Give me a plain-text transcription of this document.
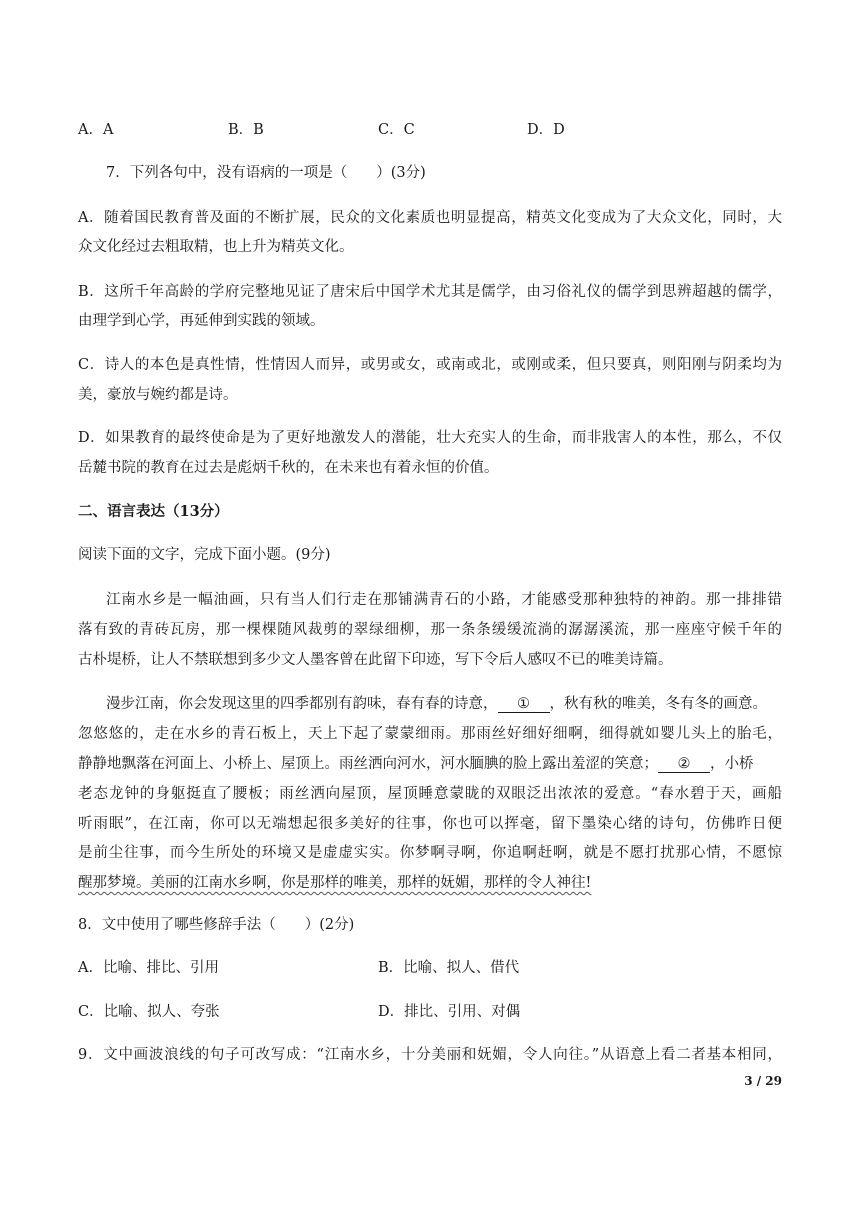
A．A	B．B	C．C	D．D
7．下列各句中，没有语病的一项是（　　）(3分)
A．随着国民教育普及面的不断扩展，民众的文化素质也明显提高，精英文化变成为了大众文化，同时，大
众文化经过去粗取精，也上升为精英文化。
B．这所千年高龄的学府完整地见证了唐宋后中国学术尤其是儒学，由习俗礼仪的儒学到思辨超越的儒学，
由理学到心学，再延伸到实践的领域。
C．诗人的本色是真性情，性情因人而异，或男或女，或南或北，或刚或柔，但只要真，则阳刚与阴柔均为
美，豪放与婉约都是诗。
D．如果教育的最终使命是为了更好地激发人的潜能，壮大充实人的生命，而非戕害人的本性，那么，不仅
岳麓书院的教育在过去是彪炳千秋的，在未来也有着永恒的价值。
二、语言表达（13分）
阅读下面的文字，完成下面小题。(9分)
江南水乡是一幅油画，只有当人们行走在那铺满青石的小路，才能感受那种独特的神韵。那一排排错
落有致的青砖瓦房，那一棵棵随风裁剪的翠绿细柳，那一条条缓缓流淌的潺潺溪流，那一座座守候千年的
古朴堤桥，让人不禁联想到多少文人墨客曾在此留下印迹，写下令后人感叹不已的唯美诗篇。
漫步江南，你会发现这里的四季都别有韵味，春有春的诗意， ① ，秋有秋的唯美，冬有冬的画意。
忽悠悠的，走在水乡的青石板上，天上下起了蒙蒙细雨。那雨丝好细好细啊，细得就如婴儿头上的胎毛，
静静地飘落在河面上、小桥上、屋顶上。雨丝洒向河水，河水腼腆的脸上露出羞涩的笑意； ② ，小桥
老态龙钟的身躯挺直了腰板；雨丝洒向屋顶，屋顶睡意蒙眬的双眼泛出浓浓的爱意。“春水碧于天，画船
听雨眠”，在江南，你可以无端想起很多美好的往事，你也可以挥毫，留下墨染心绪的诗句，仿佛昨日便
是前尘往事，而今生所处的环境又是虚虚实实。你梦啊寻啊，你追啊赶啊，就是不愿打扰那心情，不愿惊
醒那梦境。美丽的江南水乡啊，你是那样的唯美，那样的妩媚，那样的令人神往!
8．文中使用了哪些修辞手法（　　）(2分)
A．比喻、排比、引用	B．比喻、拟人、借代
C．比喻、拟人、夸张	D．排比、引用、对偶
9．文中画波浪线的句子可改写成：“江南水乡，十分美丽和妩媚，令人向往。”从语意上看二者基本相同，
3 / 29
